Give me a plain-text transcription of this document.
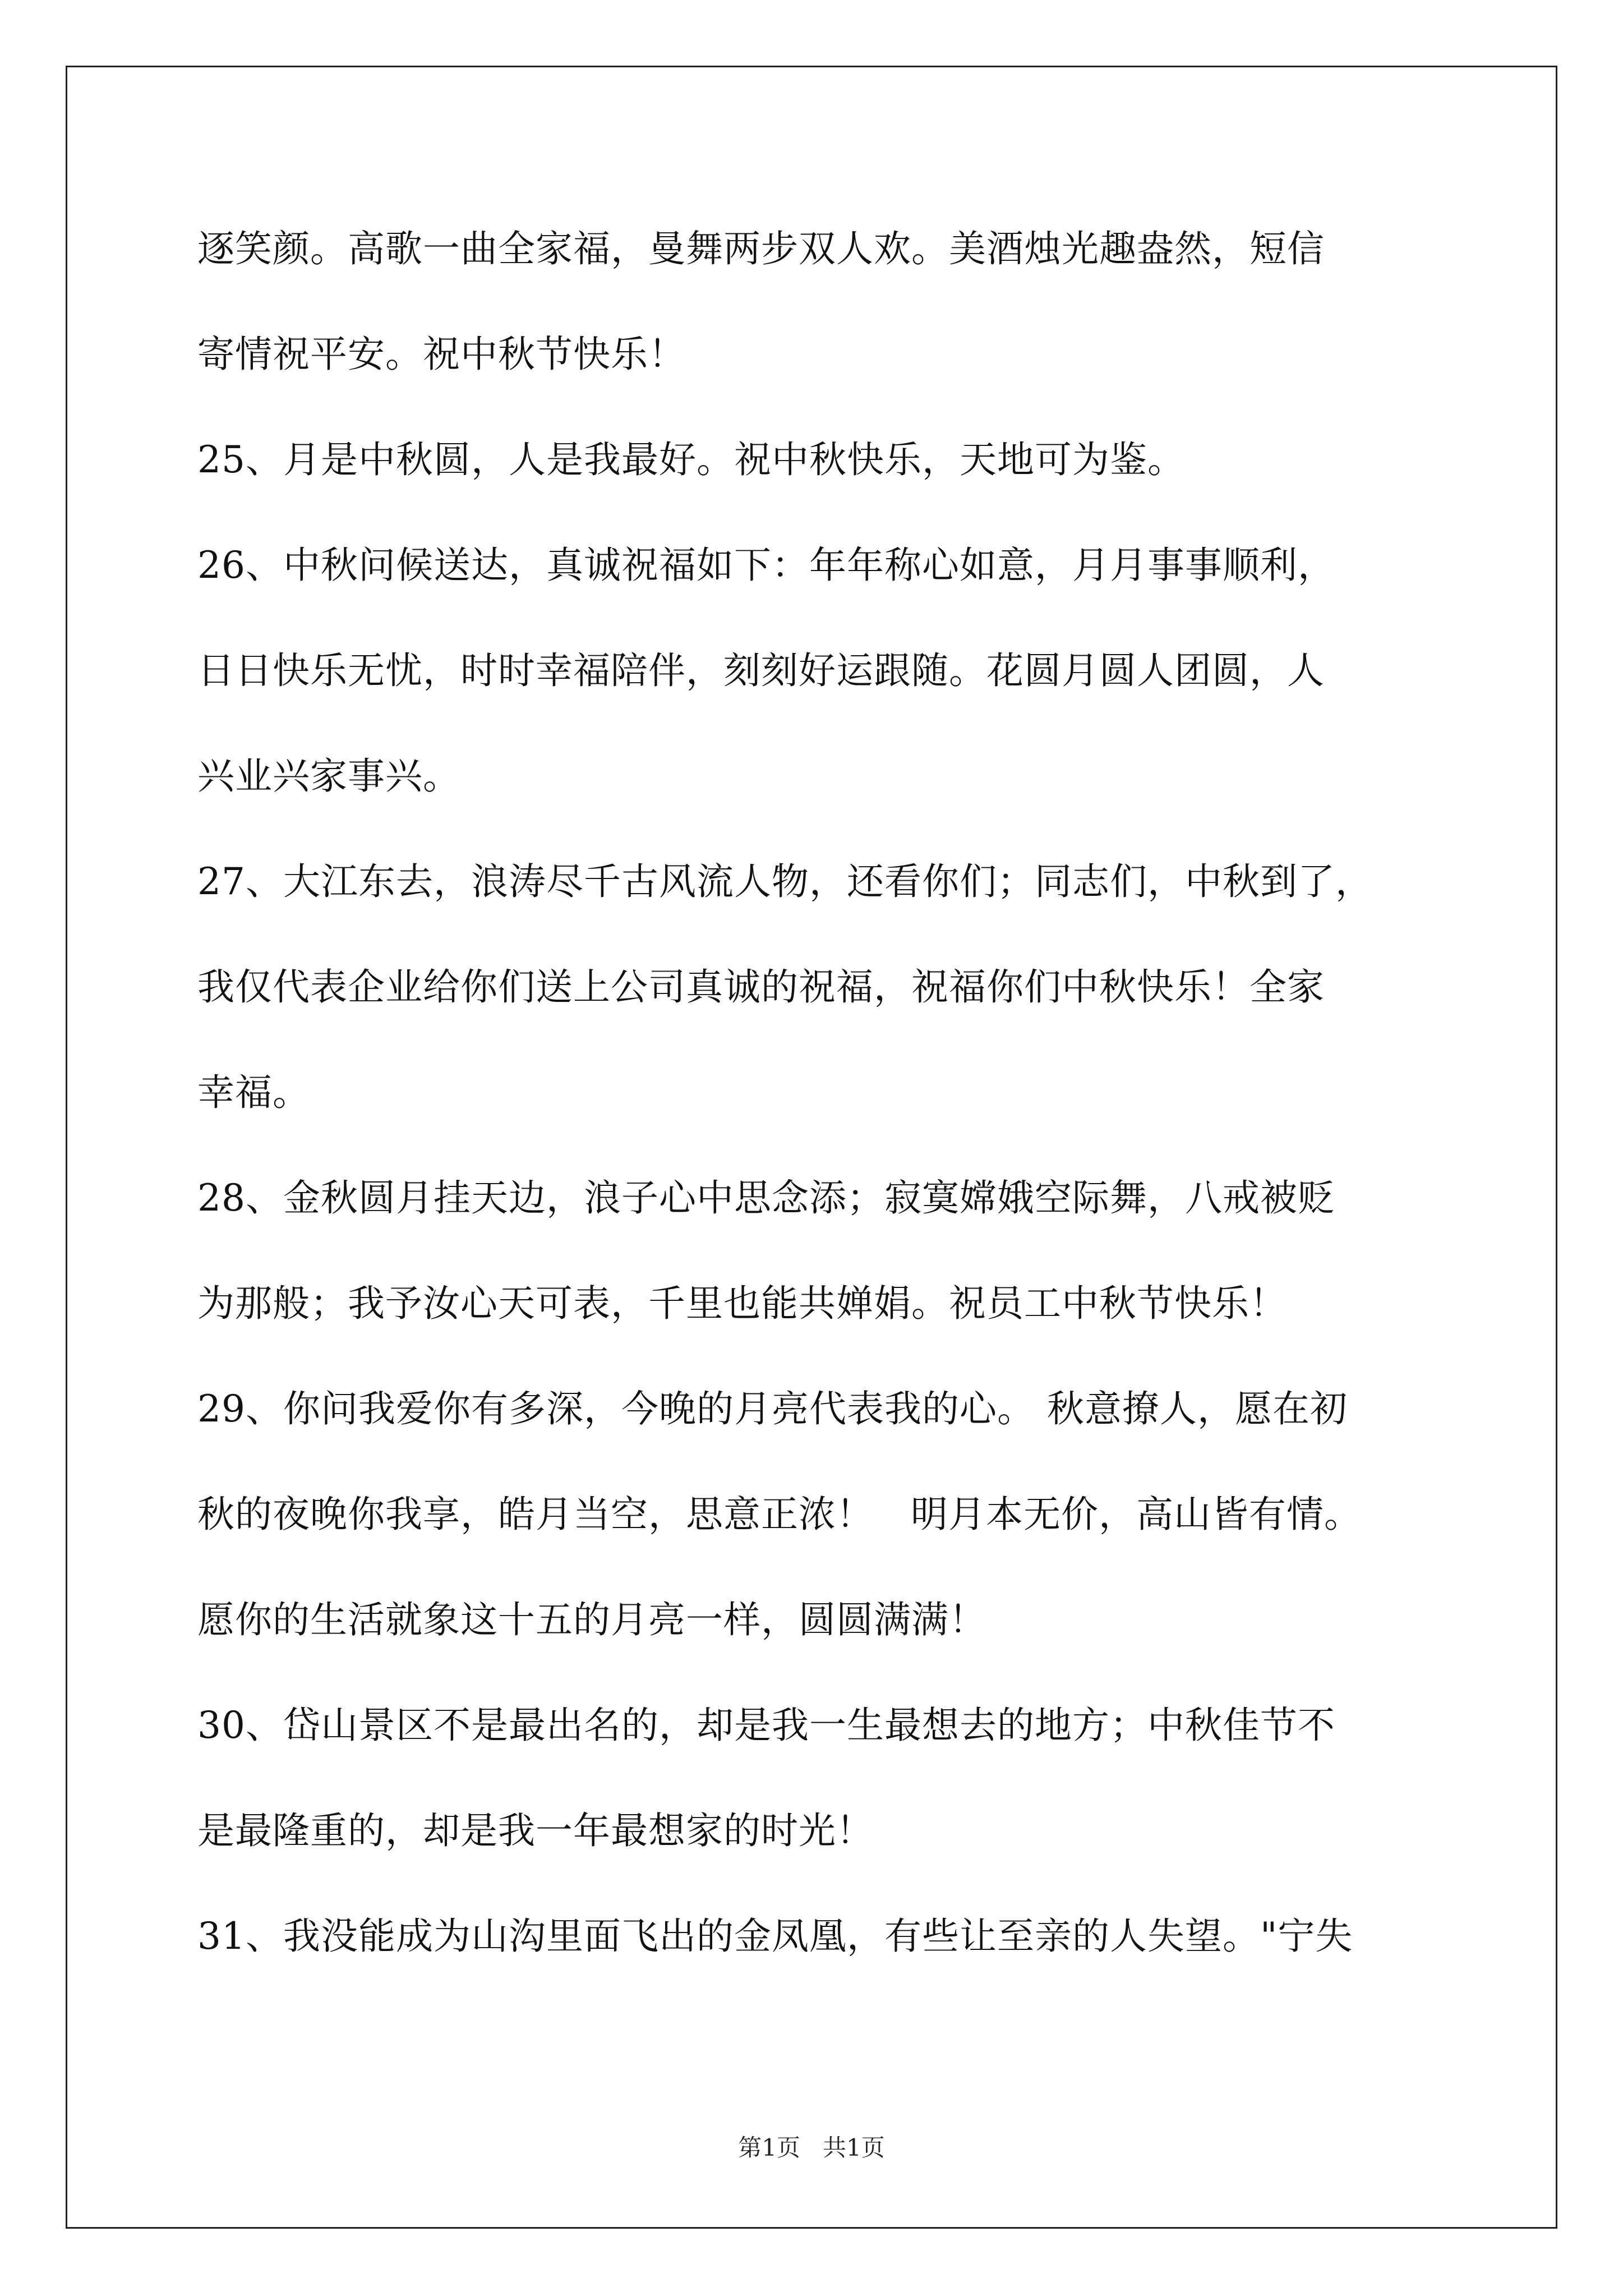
逐笑颜。高歌一曲全家福，曼舞两步双人欢。美酒烛光趣盎然，短信
寄情祝平安。祝中秋节快乐！
25、月是中秋圆，人是我最好。祝中秋快乐，天地可为鉴。
26、中秋问候送达，真诚祝福如下：年年称心如意，月月事事顺利，
日日快乐无忧，时时幸福陪伴，刻刻好运跟随。花圆月圆人团圆，人
兴业兴家事兴。
27、大江东去，浪涛尽千古风流人物，还看你们；同志们，中秋到了，
我仅代表企业给你们送上公司真诚的祝福，祝福你们中秋快乐！全家
幸福。
28、金秋圆月挂天边，浪子心中思念添；寂寞嫦娥空际舞，八戒被贬
为那般；我予汝心天可表，千里也能共婵娟。祝员工中秋节快乐！
29、你问我爱你有多深，今晚的月亮代表我的心。 秋意撩人，愿在初
秋的夜晚你我享，皓月当空，思意正浓！   明月本无价，高山皆有情。
愿你的生活就象这十五的月亮一样，圆圆满满！
30、岱山景区不是最出名的，却是我一生最想去的地方；中秋佳节不
是最隆重的，却是我一年最想家的时光！
31、我没能成为山沟里面飞出的金凤凰，有些让至亲的人失望。"宁失
第1页   共1页
